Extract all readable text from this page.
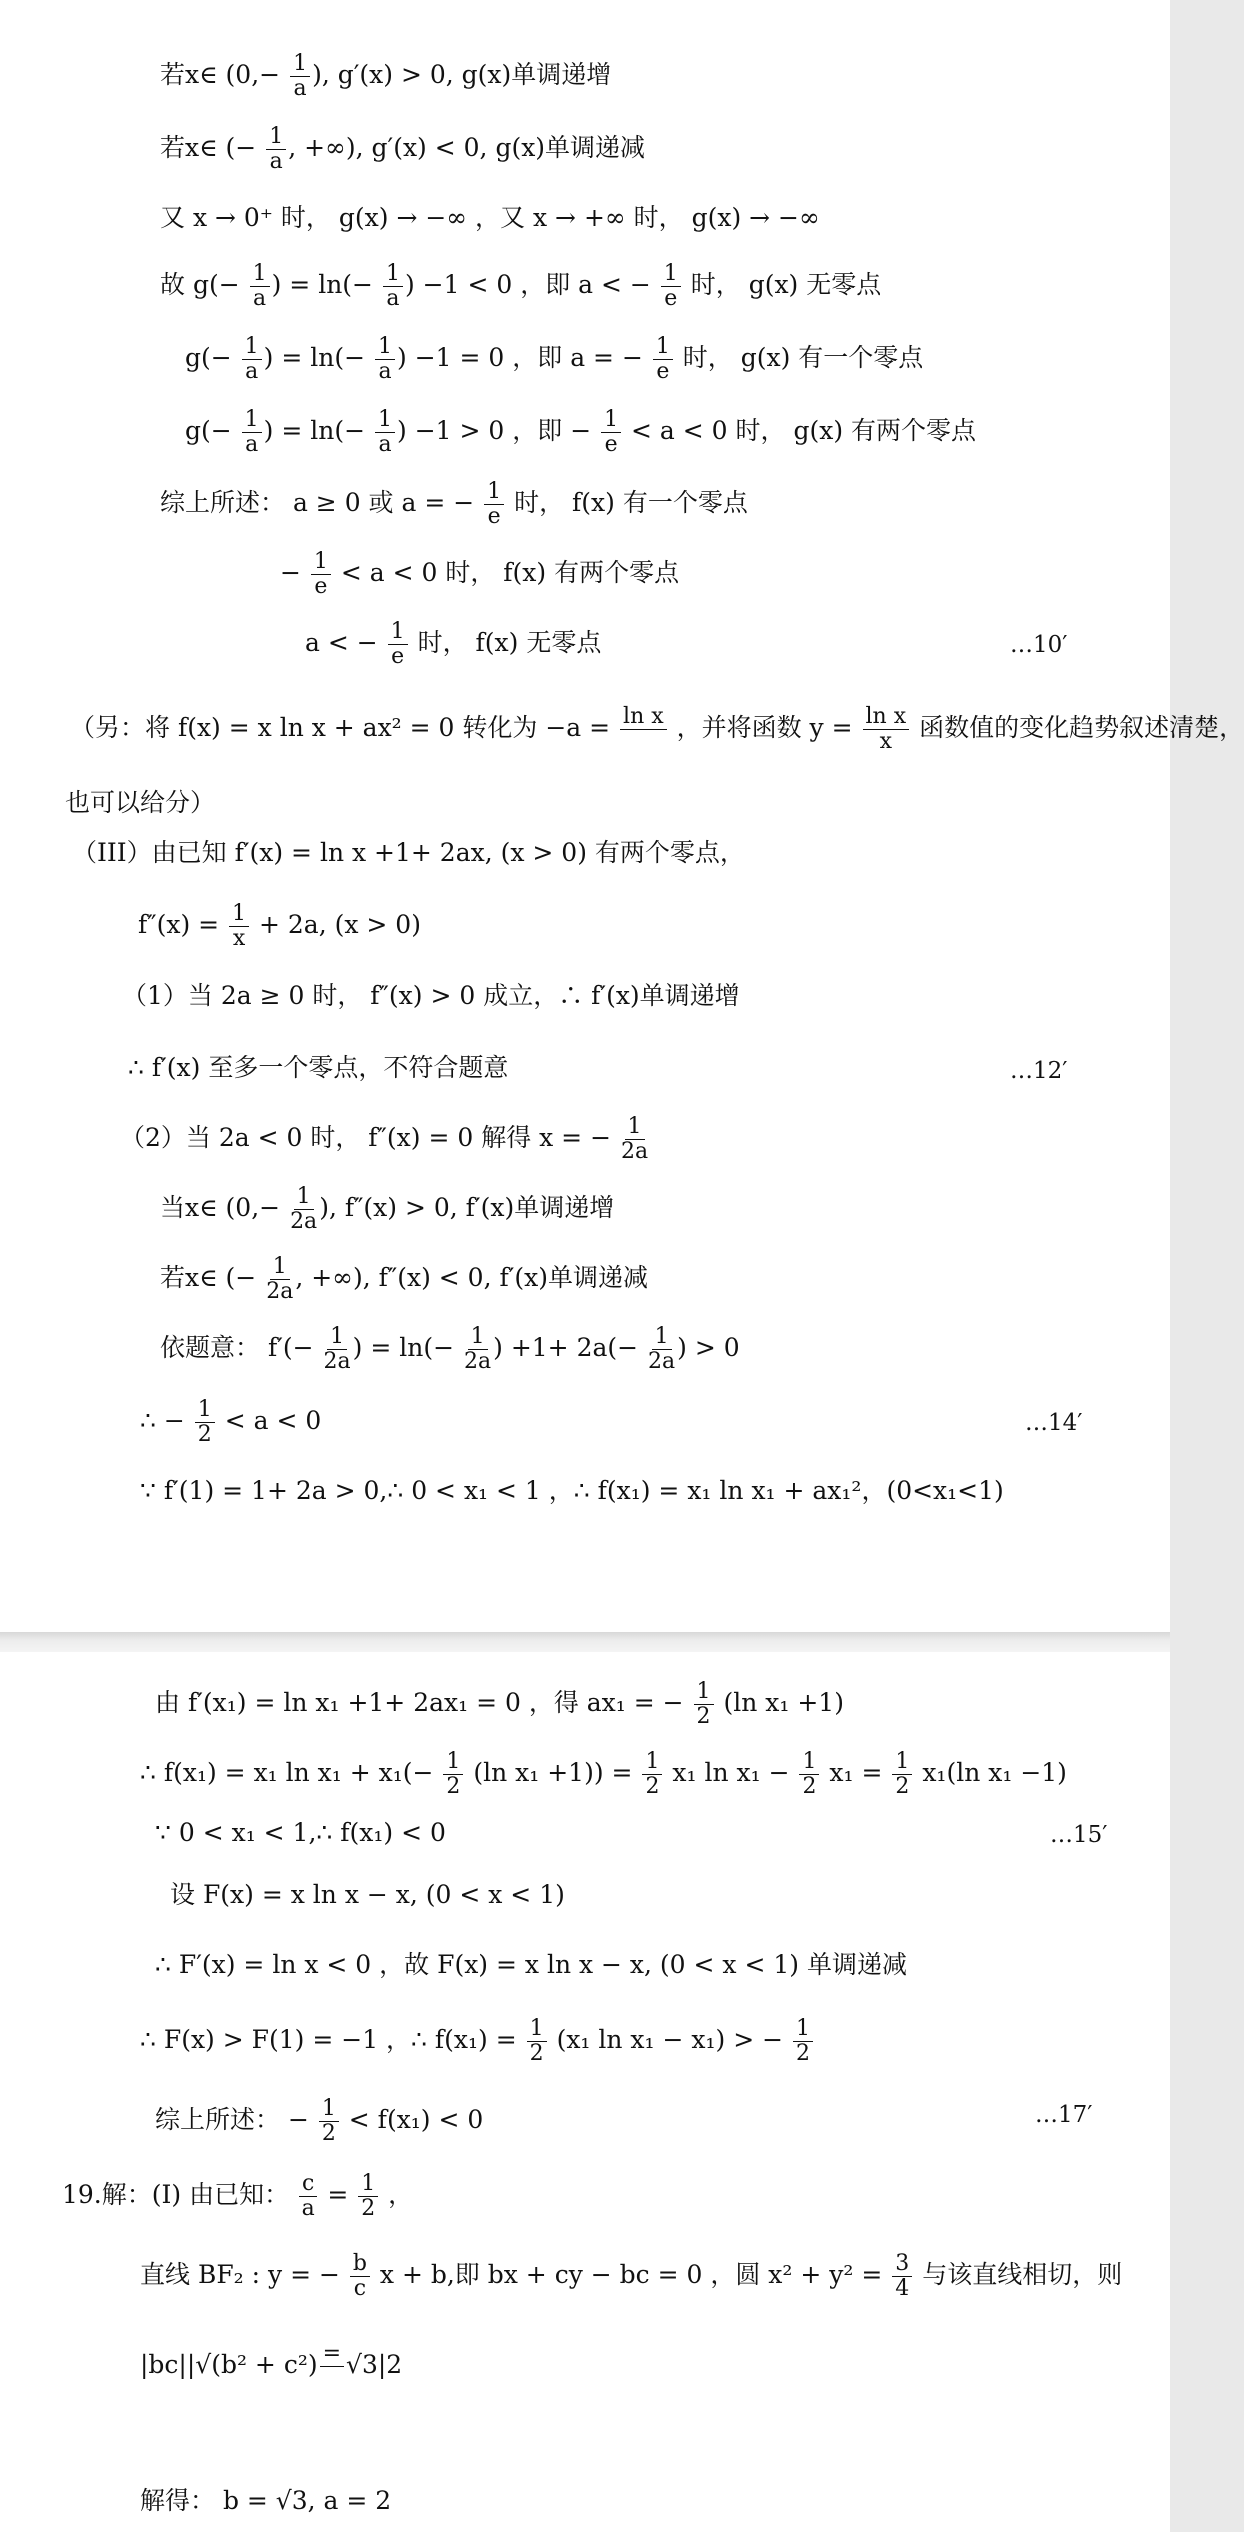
若x∈ ($0,- \frac{1}{a}$ ), g′(x) > 0, g(x)单调递增
若x∈ (− $\frac{1}{a}$ , +∞), g′(x) < 0, g(x)单调递减
又 x → 0⁺ 时， g(x) → −∞ ，又 x → +∞ 时， g(x) → −∞
故 $g(- \frac{1}{a}$ ) = $\ln(- \frac{1}{a}$ ) −1 < 0 ，即 a < − $\frac{1}{e}$ 时， g(x) 无零点
$g(- \frac{1}{a}$ ) = $\ln(- \frac{1}{a}$ ) −1 = 0 ，即 a = − $\frac{1}{e}$ 时， g(x) 有一个零点
$g(- \frac{1}{a}$ ) = $\ln(- \frac{1}{a}$ ) −1 > 0 ，即 − $\frac{1}{e} < a < 0$ 时， g(x) 有两个零点
综上所述： a ≥ 0 或 a = − $\frac{1}{e}$ 时， f(x) 有一个零点
− $\frac{1}{e} < a < 0$ 时， f(x) 有两个零点
a < − $\frac{1}{e}$ 时， f(x) 无零点	…10′
（另：将 f(x) = x ln x + ax² = 0 转化为 −a = ln x
，并将函数 $y = \frac{\text{ln x}}{x}$ 函数值的变化趋势叙述清楚，
也可以给分）
（III）由已知 f′(x) = ln x +1+ 2ax, (x > 0) 有两个零点，
$f''(x) = \frac{1}{x} + 2a$, (x > 0)
（1）当 2a ≥ 0 时， f″(x) > 0 成立，∴ f′(x)单调递增
∴ f′(x) 至多一个零点，不符合题意	…12′
（2）当 2a < 0 时， f″(x) = 0 解得 x = − $\frac{1}{2a}$
当x∈ ($0,- \frac{1}{2a}$ ), f″(x) > 0, f′(x)单调递增
若x∈ (− $\frac{1}{2a}$ , +∞), f″(x) < 0, f′(x)单调递减
依题意： $f'(- \frac{1}{2a}$ ) = $\ln(- \frac{1}{2a}$ ) $+1+ 2a(- \frac{1}{2a}$ ) > 0
∴ − $\frac{1}{2} < a < 0$	…14′
∵ f′(1) = 1+ 2a > 0,∴ 0 < x₁ < 1 ，∴ f(x₁) = x₁ ln x₁ + ax₁²，(0<x₁<1)
由 f′(x₁) = ln x₁ +1+ 2ax₁ = 0 ，得 ax₁ = − $\frac{1}{2} (\ln$ x₁ +1)
∴ f(x₁) = x₁ $\ln x_1 + x_1(- \frac{1}{2} (\ln$ $x_1 +1)) = \frac{1}{2} x_1$ $\ln x_1 - \frac{1}{2} x_1 = \frac{1}{2} x_1(\ln$ x₁ −1)
∵ 0 < x₁ < 1,∴ f(x₁) < 0	…15′
设 F(x) = x ln x − x, (0 < x < 1)
∴ F′(x) = ln x < 0 ，故 F(x) = x ln x − x, (0 < x < 1) 单调递减
∴ F(x) > F(1) = −1 ，∴ $f(x_1) = \frac{1}{2} (x_1$ ln x₁ − x₁) > − $\frac{1}{2}$
综上所述： − $\frac{1}{2} < f(x_1) < 0$	…17′
19.解：(I) 由已知： $\frac{c}{a} = \frac{1}{2}$ ，
直线 BF₂ : y = − $\frac{b}{c}$ x + b,即 bx + cy − bc = 0 ，圆 $x^2 + y^2 = \frac{3}{4}$ 与该直线相切，则
|bc||√(b² + c²) =
√3|2
解得： b = √3, a = 2
